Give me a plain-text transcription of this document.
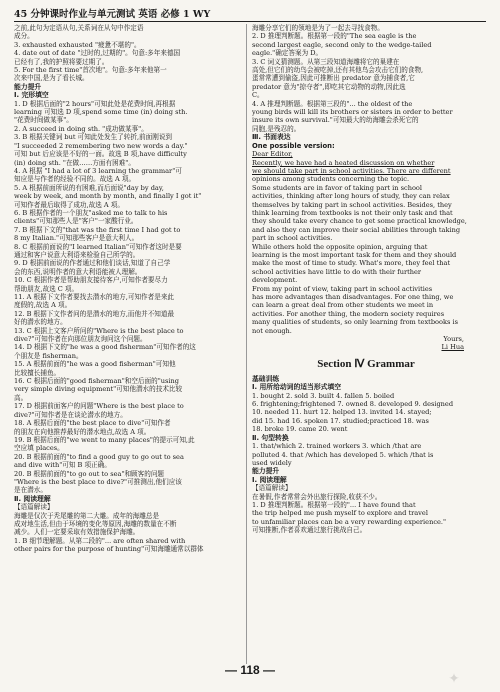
45 分钟课时作业与单元测试 英语 必修 1 WY
之前,此句为定语从句,关系词在从句中作定语
成分。
3. exhausted exhausted "疲惫不堪的"。
4. date out of date "过时的,过期的"。句意:多年来德国
已经有了,我的护照将要过期了。
5. For the first time"首次地"。句意:多年来他第一
次来中国,是为了看长城。
能力提升
Ⅰ. 完形填空
1. D 根据后面的"2 hours"可知此处是花费时间,再根据
learning 可知选 D 项,spend some time (in) doing sth.
"花费时间做某事"。
2. A succeed in doing sth. "成功做某事"。
3. B 根据关键词 but 可知此处发生了转折,前面刚说到
"I succeeded 2 remembering two new words a day."
可知 but 后应该是不好的一面。故选 B 项,have difficulty
(in) doing sth. "在做……方面有困难"。
4. A 根据 "I had a lot of 3 learning the grammar"可
知应是与作者的经验不同的。故选 A 项。
5. A 根据前面所说的有困难,而后面说"day by day,
week by week, and month by month, and finally I got it"
可知作者最后取得了成功,故选 A 项。
6. B 根据作者的一个朋友"asked me to talk to his
clients"可知那些人是"客户"一家酸行业。
7. B 根据下文的"that was the first time I had got to
8 my Italian."可知那些客户是意大利人。
8. C 根据前面说的"I learned Italian"可知作者这时是要
通过和客户说意大利语来检验自己所学的。
9. D 根据前面说的作者通过和他们谈话,知道了自己学
会的东西,说明作者的意大利语能被人理解。
10. C 根据作者是帮助朋友接待客户,可知作者要尽力
帮助朋友,故选 C 项。
11. A 根据下文作者要找去潜水的地方,可知作者是来此
度假的,故选 A 项。
12. B 根据下文作者问的是潜水的地方,而他并不知道最
好的潜水的地方。
13. C 根据上文客户所问的"Where is the best place to
dive?"可知作者在向那位朋友询问这个问题。
14. D 根据下文的"he was a good fisherman"可知作者的这
个朋友是 fisherman。
15. A 根据前面的"he was a good fisherman"可知他
比较擅长捕鱼。
16. C 根据后面的"good fisherman"和空后面的"using
very simple diving equipment"可知他潜水的技术比较
高。
17. D 根据前面客户的问题"Where is the best place to
dive?"可知作者是在谈论潜水的地方。
18. A 根据后面的"the best place to dive"可知作者
的朋友在向他推荐最好的潜水地点,故选 A 项。
19. B 根据后面的"we went to many places"的提示可知,此
空应填 places。
20. B 根据前面的"to find a good guy to go out to sea
and dive with"可知 B 项正确。
20. B 根据前面的"to go out to sea"和顾客的问题
"Where is the best place to dive?"可推测出,他们应该
是在潜水。
Ⅱ. 阅读理解
【语篇解读】
海雕是仅次于秃尾雕的第二大雕。成年的海雕总是
成对地生活,但由于环境的变化等原因,海雕的数量在不断
减少。人们一定要采取有效措施保护海雕。
1. B 细节理解题。从第二段的"... are often shared with
other pairs for the purpose of hunting"可知海雕通常以群体
海雕分享它们的领地是为了一起去寻找食物。
2. D 推理判断题。根据第一段的"The sea eagle is the
second largest eagle, second only to the wedge-tailed
eagle."确定答案为 D。
3. C 词义猜测题。从第三段知道海雕将它的巢建在
高处,但它们的幼鸟会被吃掉,还有其他鸟会攻击它们的食物,
蛋常常遭到偷盗,因此可推断出 predator 意为捕食者,它
predator 意为"掠夺者",即吃其它动物的动物,因此选
C。
4. A 推理判断题。根据第三段的"... the oldest of the
young birds will kill its brothers or sisters in order to better
insure its own survival."可知最大的幼海雕会杀死它的
同胞,是残忍的。
Ⅲ. 书面表达
One possible version:
Dear Editor,
Recently, we have had a heated discussion on whether
we should take part in school activities. There are different
opinions among students concerning the topic.
Some students are in favor of taking part in school
activities, thinking after long hours of study, they can relax
themselves by taking part in school activities. Besides, they
think learning from textbooks is not their only task and that
they should take every chance to get some practical knowledge,
and also they can improve their social abilities through taking
part in school activities.
While others hold the opposite opinion, arguing that
learning is the most important task for them and they should
make the most of time to study. What's more, they feel that
school activities have little to do with their further
development.
From my point of view, taking part in school activities
has more advantages than disadvantages. For one thing, we
can learn a great deal from other students we meet in
activities. For another thing, the modern society requires
many qualities of students, so only learning from textbooks is
not enough.
Yours,
Li Hua
Section Ⅳ Grammar
基础训练
Ⅰ. 用所给动词的适当形式填空
1. bought 2. sold 3. built 4. fallen 5. boiled
6. frightening;frightened 7. owned 8. developed 9. designed
10. needed 11. hurt 12. helped 13. invited 14. stayed;
did 15. had 16. spoken 17. studied;practiced 18. was
18. broke 19. came 20. went
Ⅱ. 句型转换
1. that/which 2. trained workers 3. which /that are
polluted 4. that /which has developed 5. which /that is
used widely
能力提升
Ⅰ. 阅读理解
【语篇解读】
在暑假,作者常常会外出旅行探险,收获不少。
1. D 推理判断题。根据第一段的"... I have found that
the trip helped me push myself to explore and travel
to unfamiliar places can be a very rewarding experience."
可知推断,作者喜欢通过旅行挑战自己。
— 118 —
✦
